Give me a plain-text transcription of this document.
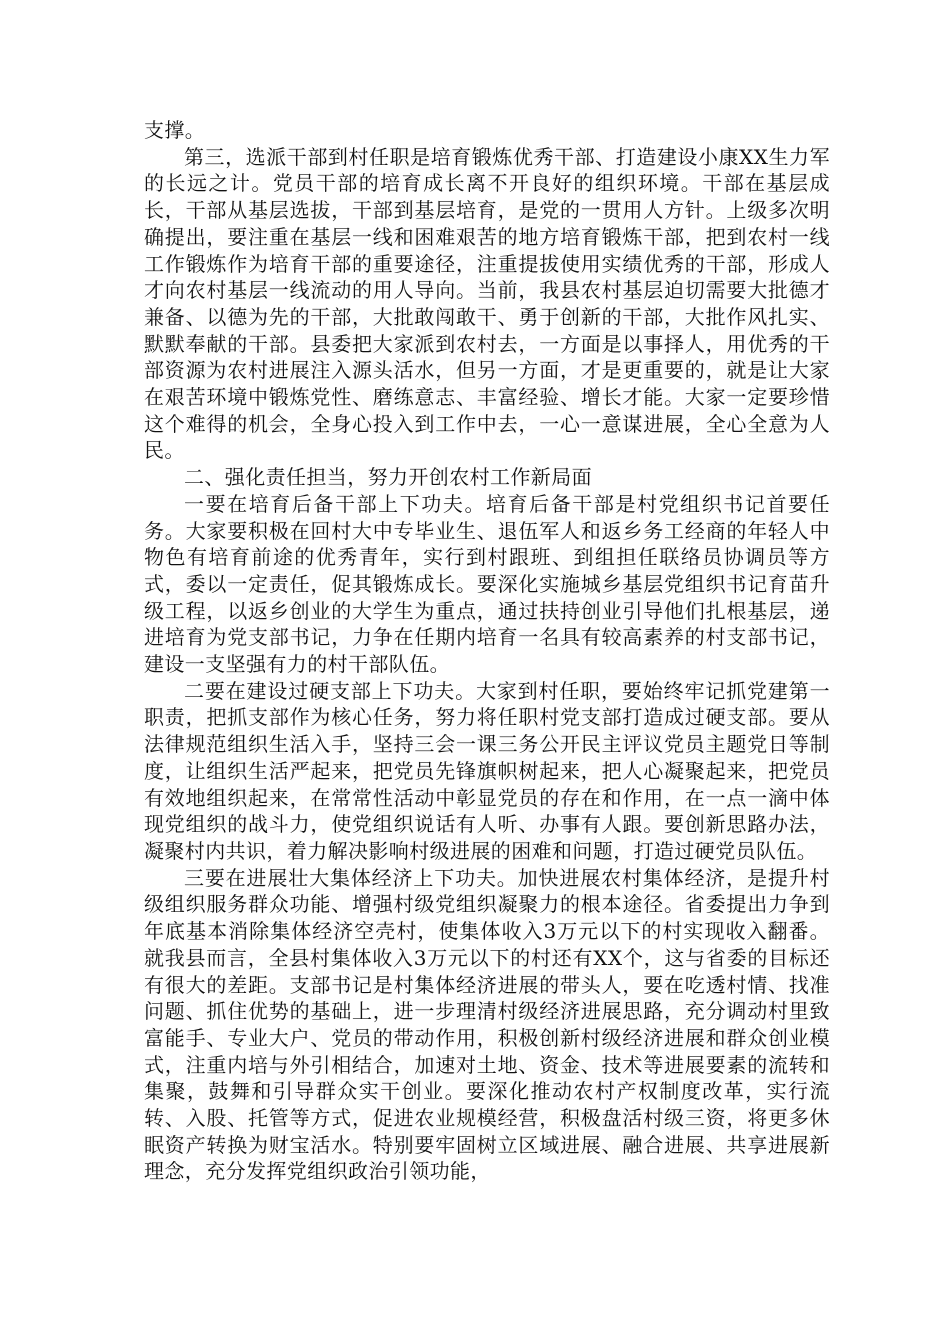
支撑。

第三，选派干部到村任职是培育锻炼优秀干部、打造建设小康XX生力军的长远之计。党员干部的培育成长离不开良好的组织环境。干部在基层成长，干部从基层选拔，干部到基层培育，是党的一贯用人方针。上级多次明确提出，要注重在基层一线和困难艰苦的地方培育锻炼干部，把到农村一线工作锻炼作为培育干部的重要途径，注重提拔使用实绩优秀的干部，形成人才向农村基层一线流动的用人导向。当前，我县农村基层迫切需要大批德才兼备、以德为先的干部，大批敢闯敢干、勇于创新的干部，大批作风扎实、默默奉献的干部。县委把大家派到农村去，一方面是以事择人，用优秀的干部资源为农村进展注入源头活水，但另一方面，才是更重要的，就是让大家在艰苦环境中锻炼党性、磨练意志、丰富经验、增长才能。大家一定要珍惜这个难得的机会，全身心投入到工作中去，一心一意谋进展，全心全意为人民。

二、强化责任担当，努力开创农村工作新局面

一要在培育后备干部上下功夫。培育后备干部是村党组织书记首要任务。大家要积极在回村大中专毕业生、退伍军人和返乡务工经商的年轻人中物色有培育前途的优秀青年，实行到村跟班、到组担任联络员协调员等方式，委以一定责任，促其锻炼成长。要深化实施城乡基层党组织书记育苗升级工程，以返乡创业的大学生为重点，通过扶持创业引导他们扎根基层，递进培育为党支部书记，力争在任期内培育一名具有较高素养的村支部书记，建设一支坚强有力的村干部队伍。

二要在建设过硬支部上下功夫。大家到村任职，要始终牢记抓党建第一职责，把抓支部作为核心任务，努力将任职村党支部打造成过硬支部。要从法律规范组织生活入手，坚持三会一课三务公开民主评议党员主题党日等制度，让组织生活严起来，把党员先锋旗帜树起来，把人心凝聚起来，把党员有效地组织起来，在常常性活动中彰显党员的存在和作用，在一点一滴中体现党组织的战斗力，使党组织说话有人听、办事有人跟。要创新思路办法，凝聚村内共识，着力解决影响村级进展的困难和问题，打造过硬党员队伍。

三要在进展壮大集体经济上下功夫。加快进展农村集体经济，是提升村级组织服务群众功能、增强村级党组织凝聚力的根本途径。省委提出力争到年底基本消除集体经济空壳村，使集体收入3万元以下的村实现收入翻番。就我县而言，全县村集体收入3万元以下的村还有XX个，这与省委的目标还有很大的差距。支部书记是村集体经济进展的带头人，要在吃透村情、找准问题、抓住优势的基础上，进一步理清村级经济进展思路，充分调动村里致富能手、专业大户、党员的带动作用，积极创新村级经济进展和群众创业模式，注重内培与外引相结合，加速对土地、资金、技术等进展要素的流转和集聚，鼓舞和引导群众实干创业。要深化推动农村产权制度改革，实行流转、入股、托管等方式，促进农业规模经营，积极盘活村级三资，将更多休眠资产转换为财宝活水。特别要牢固树立区域进展、融合进展、共享进展新理念，充分发挥党组织政治引领功能，
